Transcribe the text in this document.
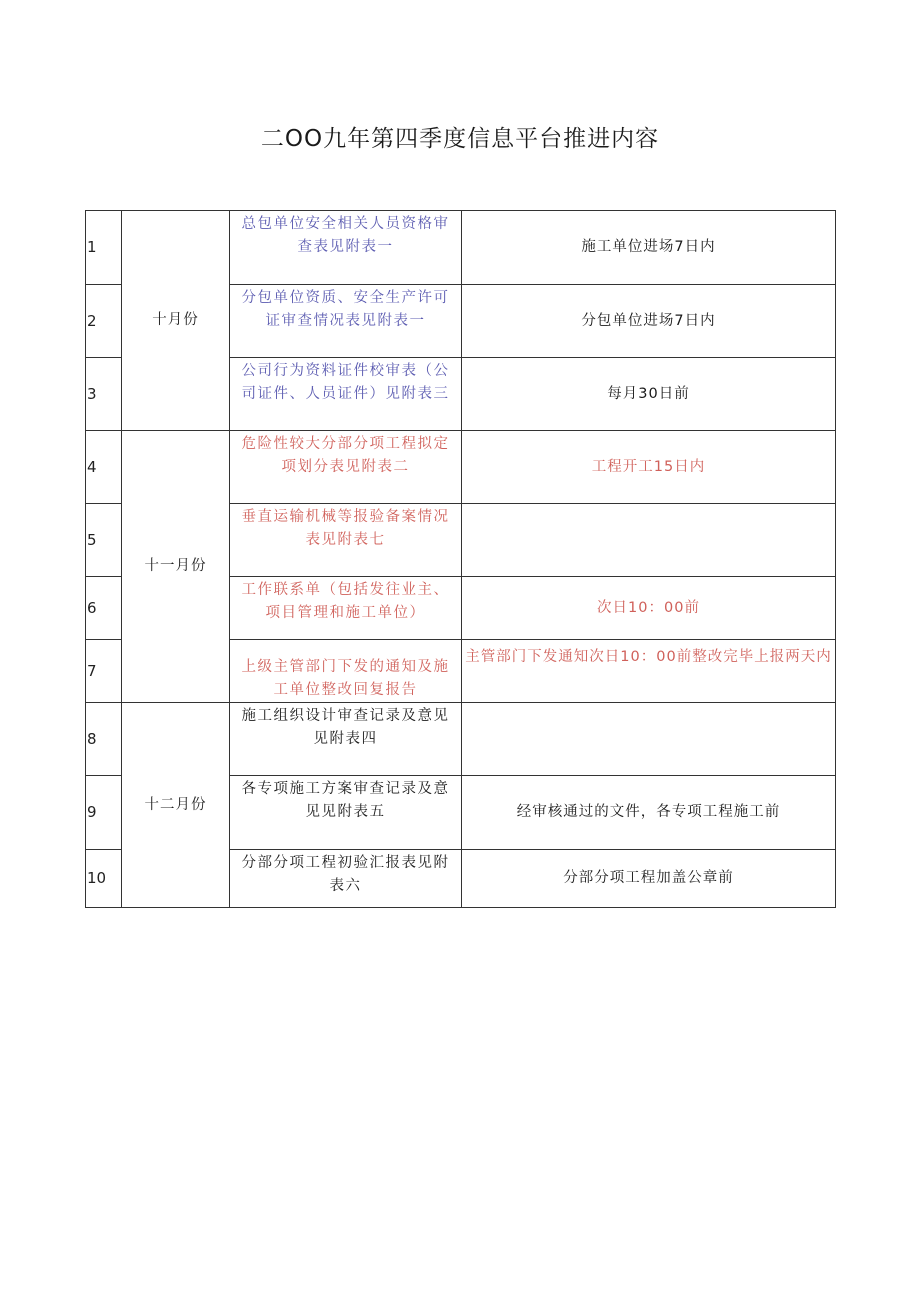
二OO九年第四季度信息平台推进内容
1	十月份	总包单位安全相关人员资格审查表见附表一	施工单位进场7日内
2		分包单位资质、安全生产许可证审查情况表见附表一	分包单位进场7日内
3		公司行为资料证件校审表（公司证件、人员证件）见附表三	每月30日前
4	十一月份	危险性较大分部分项工程拟定项划分表见附表二	工程开工15日内
5		垂直运输机械等报验备案情况表见附表七	
6		工作联系单（包括发往业主、项目管理和施工单位）	次日10：00前
7		上级主管部门下发的通知及施工单位整改回复报告	主管部门下发通知次日10：00前整改完毕上报两天内
8	十二月份	施工组织设计审查记录及意见见附表四	
9		各专项施工方案审查记录及意见见附表五	经审核通过的文件，各专项工程施工前
10		分部分项工程初验汇报表见附表六	分部分项工程加盖公章前
